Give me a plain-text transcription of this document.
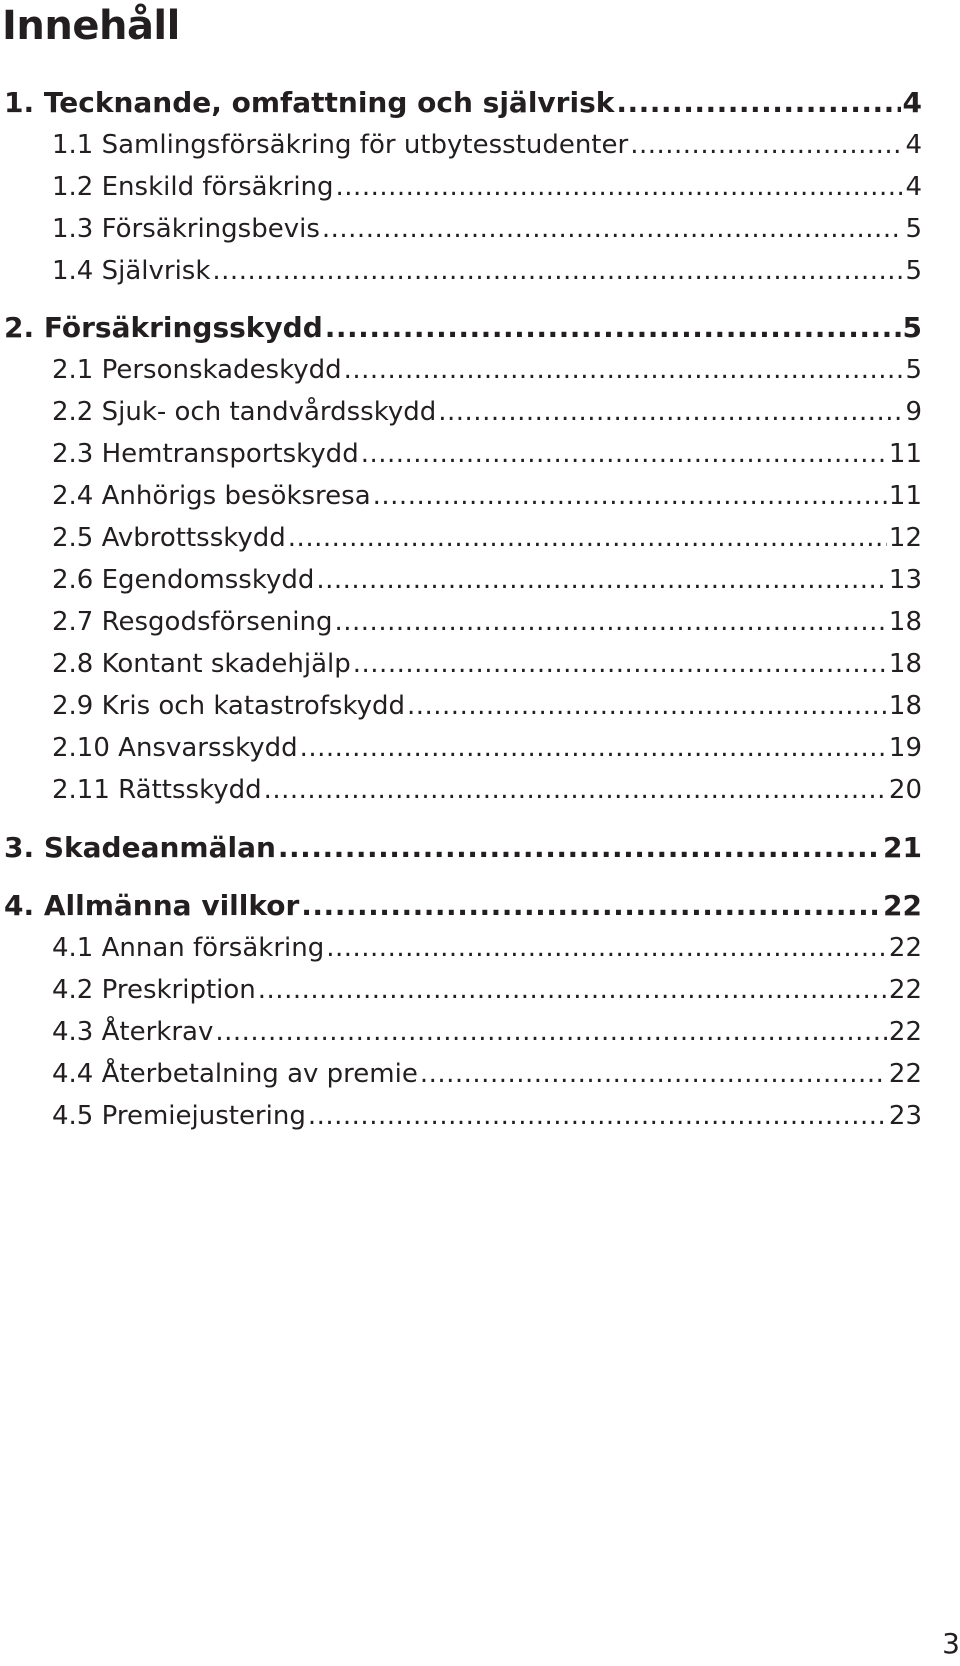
Innehåll
1. Tecknande, omfattning och självrisk .....	4
1.1 Samlingsförsäkring för utbytesstudenter .....	4
1.2 Enskild försäkring .....	4
1.3 Försäkringsbevis .....	5
1.4 Självrisk .....	5
2. Försäkringsskydd .....	5
2.1 Personskadeskydd .....	5
2.2 Sjuk- och tandvårdsskydd .....	9
2.3 Hemtransportskydd .....	11
2.4 Anhörigs besöksresa .....	11
2.5 Avbrottsskydd .....	12
2.6 Egendomsskydd .....	13
2.7 Resgodsförsening .....	18
2.8 Kontant skadehjälp .....	18
2.9 Kris och katastrofskydd .....	18
2.10 Ansvarsskydd .....	19
2.11 Rättsskydd .....	20
3. Skadeanmälan .....	21
4. Allmänna villkor .....	22
4.1 Annan försäkring .....	22
4.2 Preskription .....	22
4.3 Återkrav .....	22
4.4 Återbetalning av premie .....	22
4.5 Premiejustering .....	23
3
